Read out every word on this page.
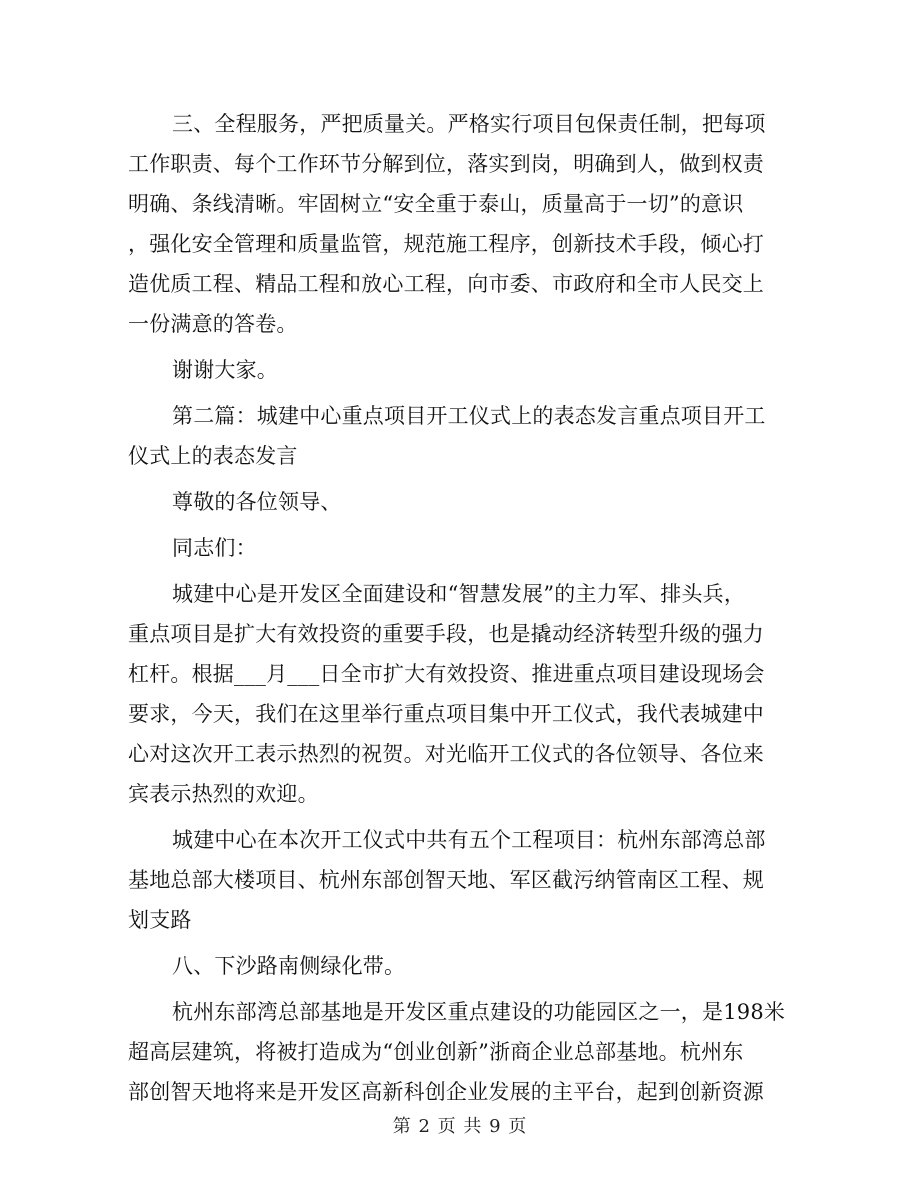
三、全程服务，严把质量关。严格实行项目包保责任制，把每项
工作职责、每个工作环节分解到位，落实到岗，明确到人，做到权责
明确、条线清晰。牢固树立“安全重于泰山，质量高于一切”的意识
，强化安全管理和质量监管，规范施工程序，创新技术手段，倾心打
造优质工程、精品工程和放心工程，向市委、市政府和全市人民交上
一份满意的答卷。
谢谢大家。
第二篇：城建中心重点项目开工仪式上的表态发言重点项目开工
仪式上的表态发言
尊敬的各位领导、
同志们：
城建中心是开发区全面建设和“智慧发展”的主力军、排头兵，
重点项目是扩大有效投资的重要手段，也是撬动经济转型升级的强力
杠杆。根据___月___日全市扩大有效投资、推进重点项目建设现场会
要求，今天，我们在这里举行重点项目集中开工仪式，我代表城建中
心对这次开工表示热烈的祝贺。对光临开工仪式的各位领导、各位来
宾表示热烈的欢迎。
城建中心在本次开工仪式中共有五个工程项目：杭州东部湾总部
基地总部大楼项目、杭州东部创智天地、军区截污纳管南区工程、规
划支路
八、下沙路南侧绿化带。
杭州东部湾总部基地是开发区重点建设的功能园区之一，是198米
超高层建筑，将被打造成为“创业创新”浙商企业总部基地。杭州东
部创智天地将来是开发区高新科创企业发展的主平台，起到创新资源
第 2 页 共 9 页
